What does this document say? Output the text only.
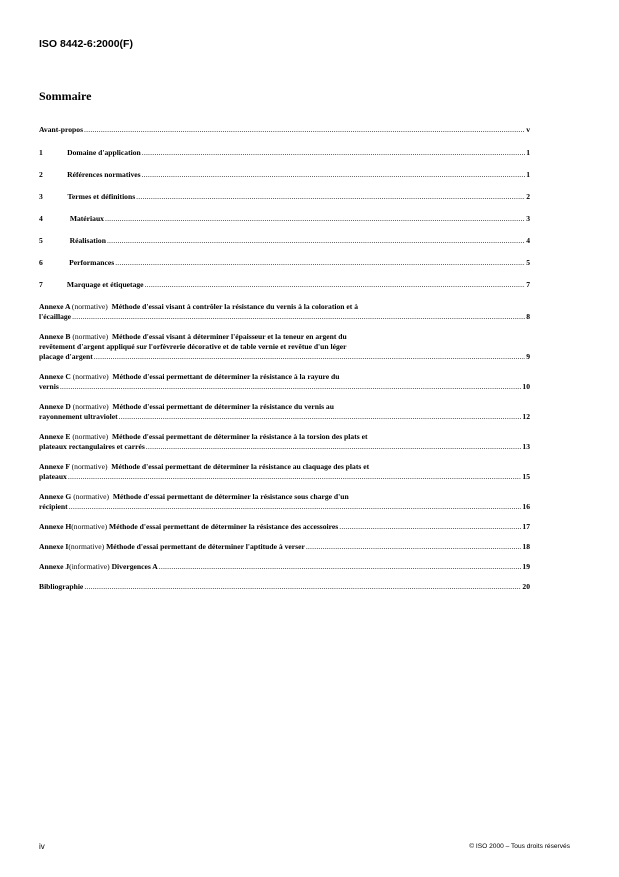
ISO 8442-6:2000(F)
Sommaire
Avant-propos .....	v
1	Domaine d'application .....	1
2	Références normatives .....	1
3	Termes et définitions .....	2
4	Matériaux .....	3
5	Réalisation .....	4
6	Performances .....	5
7	Marquage et étiquetage .....	7
Annexe A (normative) Méthode d'essai visant à contrôler la résistance du vernis à la coloration et à
l'écaillage .....	8
Annexe B (normative) Méthode d'essai visant à déterminer l'épaisseur et la teneur en argent du
revêtement d'argent appliqué sur l'orfèvrerie décorative et de table vernie et revêtue d'un léger
placage d'argent .....	9
Annexe C (normative) Méthode d'essai permettant de déterminer la résistance à la rayure du
vernis .....	10
Annexe D (normative) Méthode d'essai permettant de déterminer la résistance du vernis au
rayonnement ultraviolet .....	12
Annexe E (normative) Méthode d'essai permettant de déterminer la résistance à la torsion des plats et
plateaux rectangulaires et carrés .....	13
Annexe F (normative) Méthode d'essai permettant de déterminer la résistance au claquage des plats et
plateaux .....	15
Annexe G (normative) Méthode d'essai permettant de déterminer la résistance sous charge d'un
récipient .....	16
Annexe H (normative)
Méthode d'essai permettant de déterminer la résistance des accessoires .....	17
Annexe I (normative)
Méthode d'essai permettant de déterminer l'aptitude à verser .....	18
Annexe J (informative)
Divergences A .....	19
Bibliographie .....	20
iv	© ISO 2000 – Tous droits réservés
